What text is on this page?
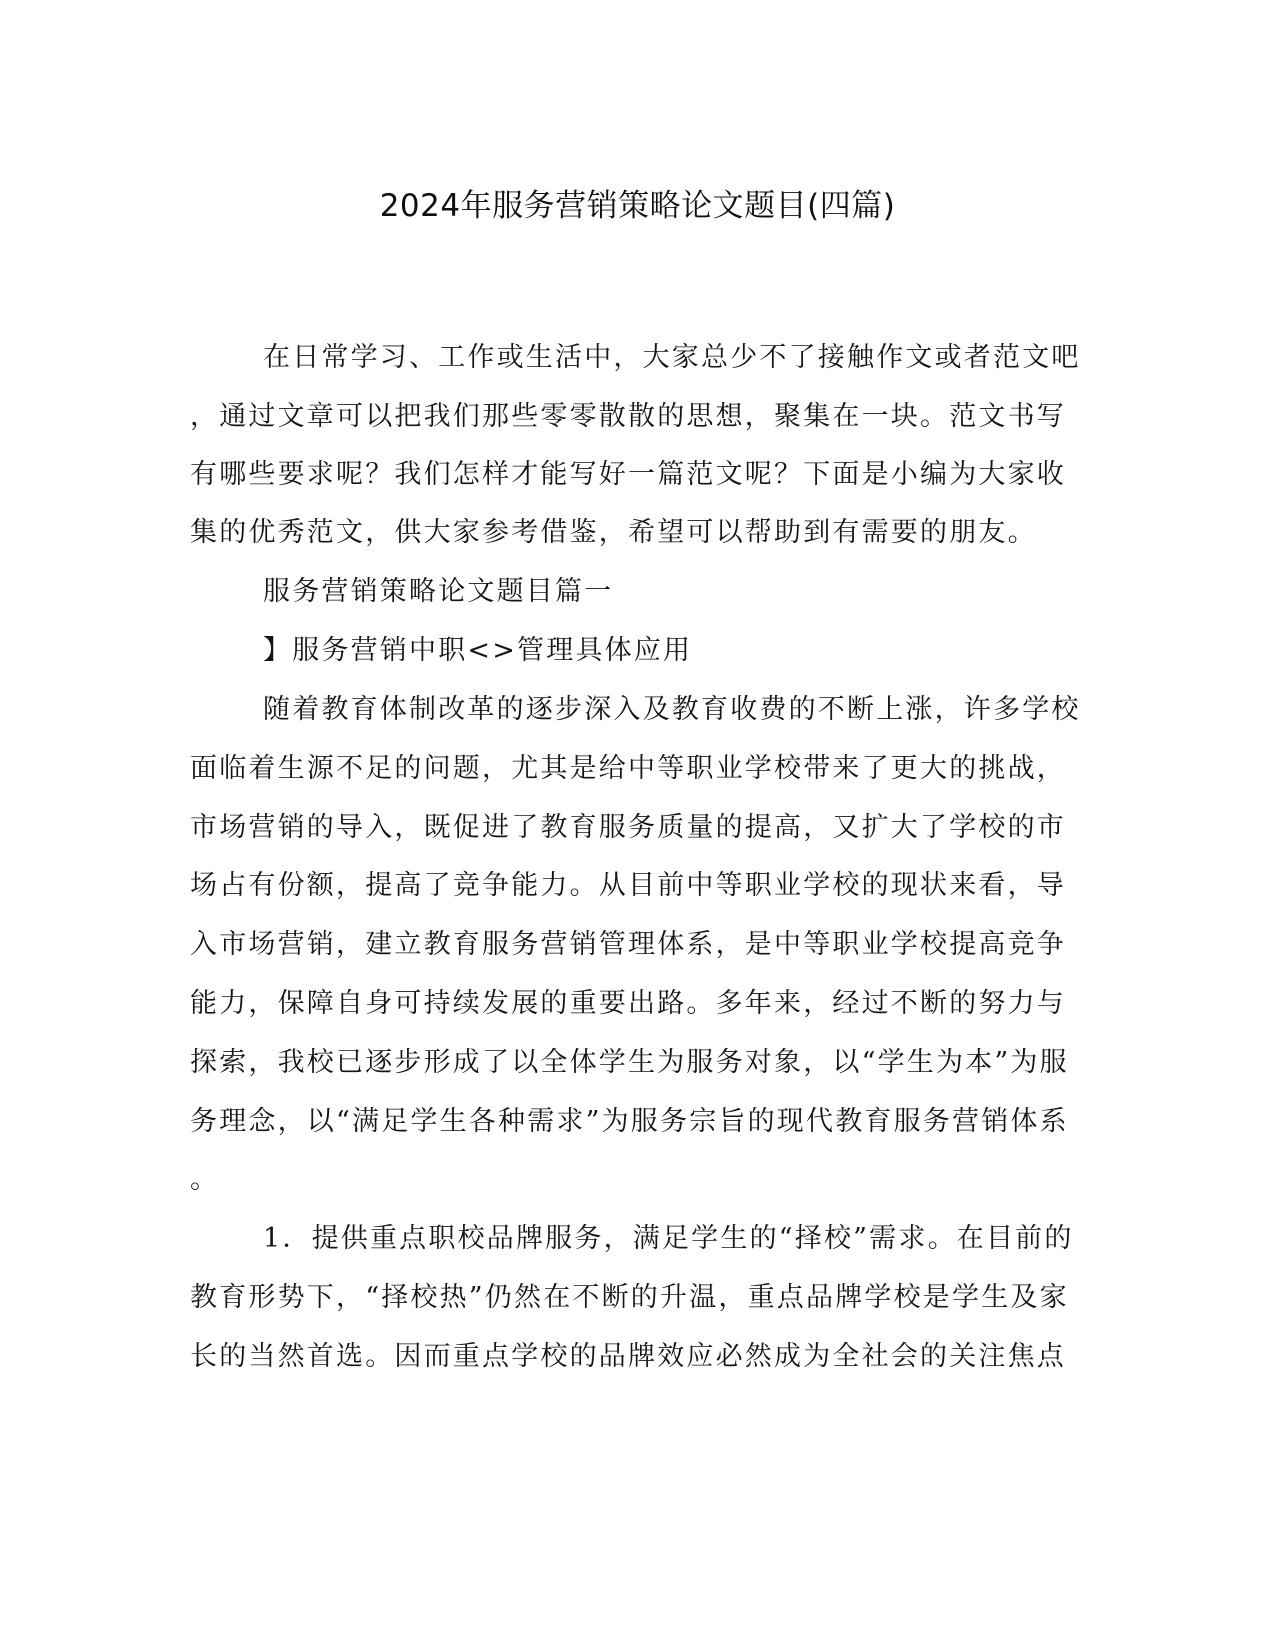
2024年服务营销策略论文题目(四篇)
在日常学习、工作或生活中，大家总少不了接触作文或者范文吧
，通过文章可以把我们那些零零散散的思想，聚集在一块。范文书写
有哪些要求呢？我们怎样才能写好一篇范文呢？下面是小编为大家收
集的优秀范文，供大家参考借鉴，希望可以帮助到有需要的朋友。
服务营销策略论文题目篇一
】服务营销中职<>管理具体应用
随着教育体制改革的逐步深入及教育收费的不断上涨，许多学校
面临着生源不足的问题，尤其是给中等职业学校带来了更大的挑战，
市场营销的导入，既促进了教育服务质量的提高，又扩大了学校的市
场占有份额，提高了竞争能力。从目前中等职业学校的现状来看，导
入市场营销，建立教育服务营销管理体系，是中等职业学校提高竞争
能力，保障自身可持续发展的重要出路。多年来，经过不断的努力与
探索，我校已逐步形成了以全体学生为服务对象，以“学生为本”为服
务理念，以“满足学生各种需求”为服务宗旨的现代教育服务营销体系
。
1．提供重点职校品牌服务，满足学生的“择校”需求。在目前的
教育形势下，“择校热”仍然在不断的升温，重点品牌学校是学生及家
长的当然首选。因而重点学校的品牌效应必然成为全社会的关注焦点
